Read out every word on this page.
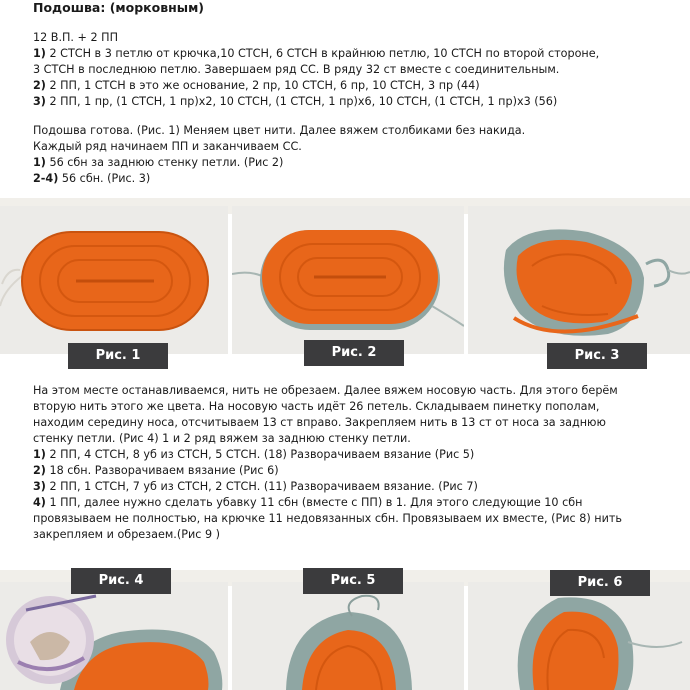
Подошва: (морковным)
12 В.П. + 2 ПП
1) 2 СТСН в 3 петлю от крючка,10 СТСН, 6 СТСН в крайнюю петлю, 10 СТСН по второй стороне,
3 СТСН в последнюю петлю. Завершаем ряд СС. В ряду 32 ст вместе с соединительным.
2) 2 ПП, 1 СТСН в это же основание, 2 пр, 10 СТСН, 6 пр, 10 СТСН, 3 пр (44)
3) 2 ПП, 1 пр, (1 СТСН, 1 пр)х2, 10 СТСН, (1 СТСН, 1 пр)х6, 10 СТСН, (1 СТСН, 1 пр)х3 (56)
Подошва готова. (Рис. 1) Меняем цвет нити. Далее вяжем столбиками без накида.
Каждый ряд начинаем ПП и заканчиваем СС.
1) 56 сбн за заднюю стенку петли. (Рис 2)
2-4) 56 сбн. (Рис. 3)
Рис. 1	Рис. 2	Рис. 3
На этом месте останавливаемся, нить не обрезаем. Далее вяжем носовую часть. Для этого берём
вторую нить этого же цвета. На носовую часть идёт 26 петель. Складываем пинетку пополам,
находим середину носа, отсчитываем 13 ст вправо. Закрепляем нить в 13 ст от носа за заднюю
стенку петли. (Рис 4) 1 и 2 ряд вяжем за заднюю стенку петли.
1) 2 ПП, 4 СТСН, 8 уб из СТСН, 5 СТСН. (18) Разворачиваем вязание (Рис 5)
2) 18 сбн. Разворачиваем вязание (Рис 6)
3) 2 ПП, 1 СТСН, 7 уб из СТСН, 2 СТСН. (11) Разворачиваем вязание. (Рис 7)
4) 1 ПП, далее нужно сделать убавку 11 сбн (вместе с ПП) в 1. Для этого следующие 10 сбн
провязываем не полностью, на крючке 11 недовязанных сбн. Провязываем их вместе, (Рис 8) нить
закрепляем и обрезаем.(Рис 9 )
Рис. 4	Рис. 5	Рис. 6
